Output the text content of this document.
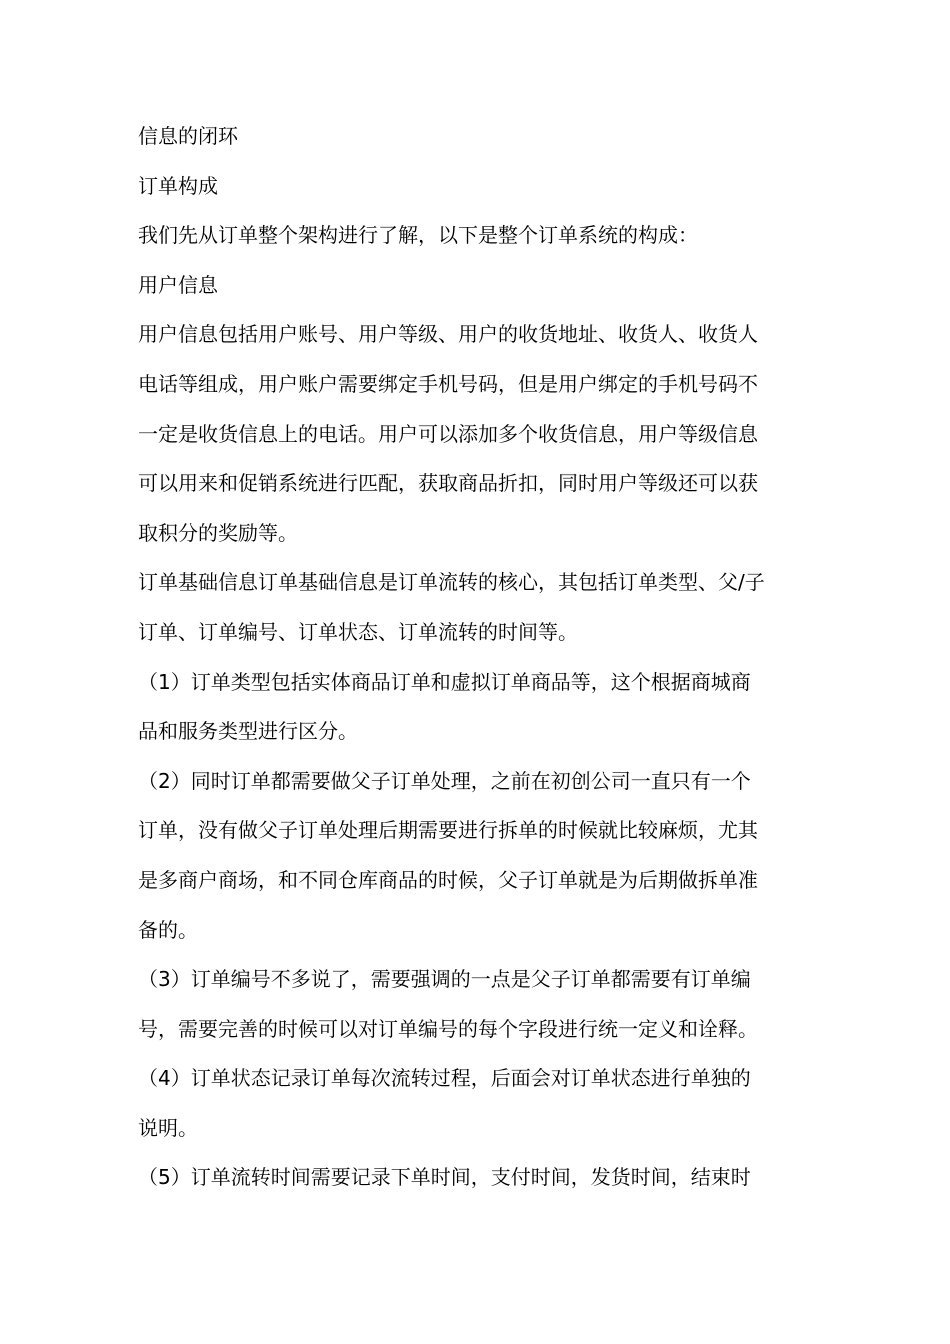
信息的闭环

订单构成

我们先从订单整个架构进行了解，以下是整个订单系统的构成：

用户信息

用户信息包括用户账号、用户等级、用户的收货地址、收货人、收货人

电话等组成，用户账户需要绑定手机号码，但是用户绑定的手机号码不

一定是收货信息上的电话。用户可以添加多个收货信息，用户等级信息

可以用来和促销系统进行匹配，获取商品折扣，同时用户等级还可以获

取积分的奖励等。

订单基础信息订单基础信息是订单流转的核心，其包括订单类型、父/子

订单、订单编号、订单状态、订单流转的时间等。

（1）订单类型包括实体商品订单和虚拟订单商品等，这个根据商城商

品和服务类型进行区分。

（2）同时订单都需要做父子订单处理，之前在初创公司一直只有一个

订单，没有做父子订单处理后期需要进行拆单的时候就比较麻烦，尤其

是多商户商场，和不同仓库商品的时候，父子订单就是为后期做拆单准

备的。

（3）订单编号不多说了，需要强调的一点是父子订单都需要有订单编

号，需要完善的时候可以对订单编号的每个字段进行统一定义和诠释。

（4）订单状态记录订单每次流转过程，后面会对订单状态进行单独的

说明。

（5）订单流转时间需要记录下单时间，支付时间，发货时间，结束时
